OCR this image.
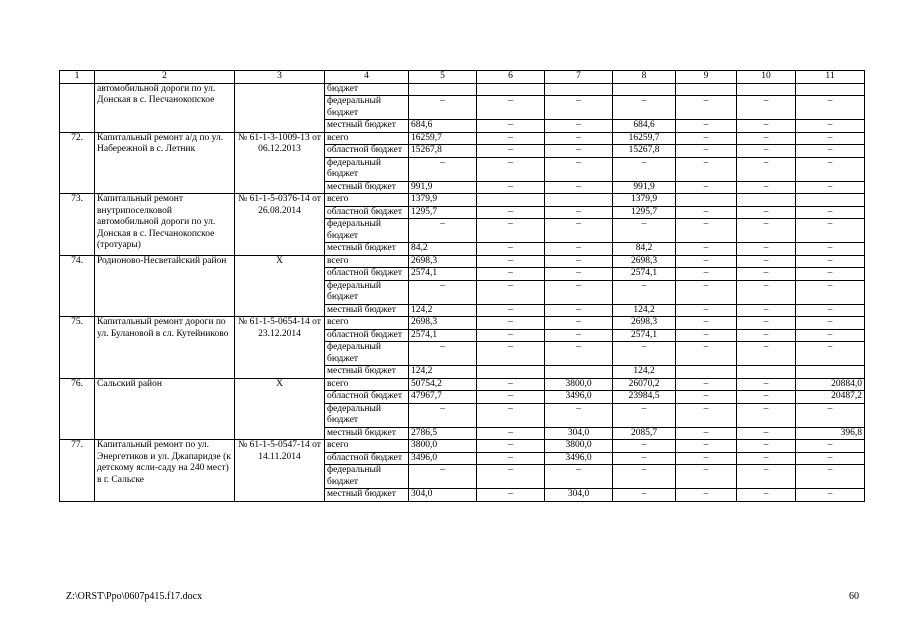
1	2	3	4	5	6	7	8	9	10	11
	автомобильной дороги по ул. Донская в с. Песчанокопское		бюджет							
			федеральный бюджет	–	–	–	–	–	–	–
			местный бюджет	684,6	–	–	684,6	–	–	–
72.	Капитальный ремонт а/д по ул. Набережной в с. Летник	№ 61-1-3-1009-13 от 06.12.2013	всего	16259,7	–	–	16259,7	–	–	–
			областной бюджет	15267,8	–	–	15267,8	–	–	–
			федеральный бюджет	–	–	–	–	–	–	–
			местный бюджет	991,9	–	–	991,9	–	–	–
73.	Капитальный ремонт внутрипоселковой автомобильной дороги по ул. Донская в с. Песчанокопское (тротуары)	№ 61-1-5-0376-14 от 26.08.2014	всего	1379,9			1379,9			
			областной бюджет	1295,7	–	–	1295,7	–	–	–
			федеральный бюджет	–	–	–	–	–	–	–
			местный бюджет	84,2	–	–	84,2	–	–	–
74.	Родионово-Несветайский район	Х	всего	2698,3	–	–	2698,3	–	–	–
			областной бюджет	2574,1	–	–	2574,1	–	–	–
			федеральный бюджет	–	–	–	–	–	–	–
			местный бюджет	124,2	–	–	124,2	–	–	–
75.	Капитальный ремонт дороги по ул. Булановой в сл. Кутейниково	№ 61-1-5-0654-14 от 23.12.2014	всего	2698,3	–	–	2698,3	–	–	–
			областной бюджет	2574,1	–	–	2574,1	–	–	–
			федеральный бюджет	–	–	–	–	–	–	–
			местный бюджет	124,2			124,2			
76.	Сальский район	Х	всего	50754,2	–	3800,0	26070,2	–	–	20884,0
			областной бюджет	47967,7	–	3496,0	23984,5	–	–	20487,2
			федеральный бюджет	–	–	–	–	–	–	–
			местный бюджет	2786,5	–	304,0	2085,7	–	–	396,8
77.	Капитальный ремонт по ул. Энергетиков и ул. Джапаридзе (к детскому ясли-саду на 240 мест) в г. Сальске	№ 61-1-5-0547-14 от 14.11.2014	всего	3800,0	–	3800,0	–	–	–	–
			областной бюджет	3496,0	–	3496,0	–	–	–	–
			федеральный бюджет	–	–	–	–	–	–	–
			местный бюджет	304,0	–	304,0	–	–	–	–
Z:\ORST\Ppo\0607p415.f17.docx	60
